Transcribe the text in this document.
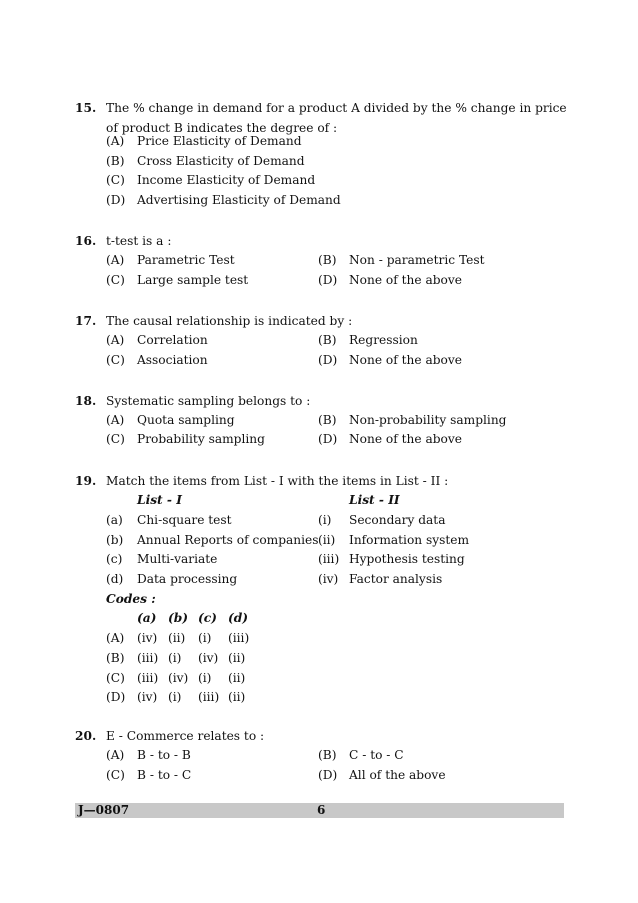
15. The % change in demand for a product A divided by the % change in price of product B indicates the degree of :
(A) Price Elasticity of Demand
(B) Cross Elasticity of Demand
(C) Income Elasticity of Demand
(D) Advertising Elasticity of Demand
16. t-test is a :
(A) Parametric Test	(B) Non - parametric Test
(C) Large sample test	(D) None of the above
17. The causal relationship is indicated by :
(A) Correlation	(B) Regression
(C) Association	(D) None of the above
18. Systematic sampling belongs to :
(A) Quota sampling	(B) Non-probability sampling
(C) Probability sampling	(D) None of the above
19. Match the items from List - I with the items in List - II :
List - I	List - II
(a) Chi-square test	(i) Secondary data
(b) Annual Reports of companies (ii) Information system
(c) Multi-variate	(iii) Hypothesis testing
(d) Data processing	(iv) Factor analysis
Codes :
(a) (b) (c) (d)
(A) (iv) (ii) (i) (iii)
(B) (iii) (i) (iv) (ii)
(C) (iii) (iv) (i) (ii)
(D) (iv) (i) (iii) (ii)
20. E - Commerce relates to :
(A) B - to - B	(B) C - to - C
(C) B - to - C	(D) All of the above
J—0807	6
